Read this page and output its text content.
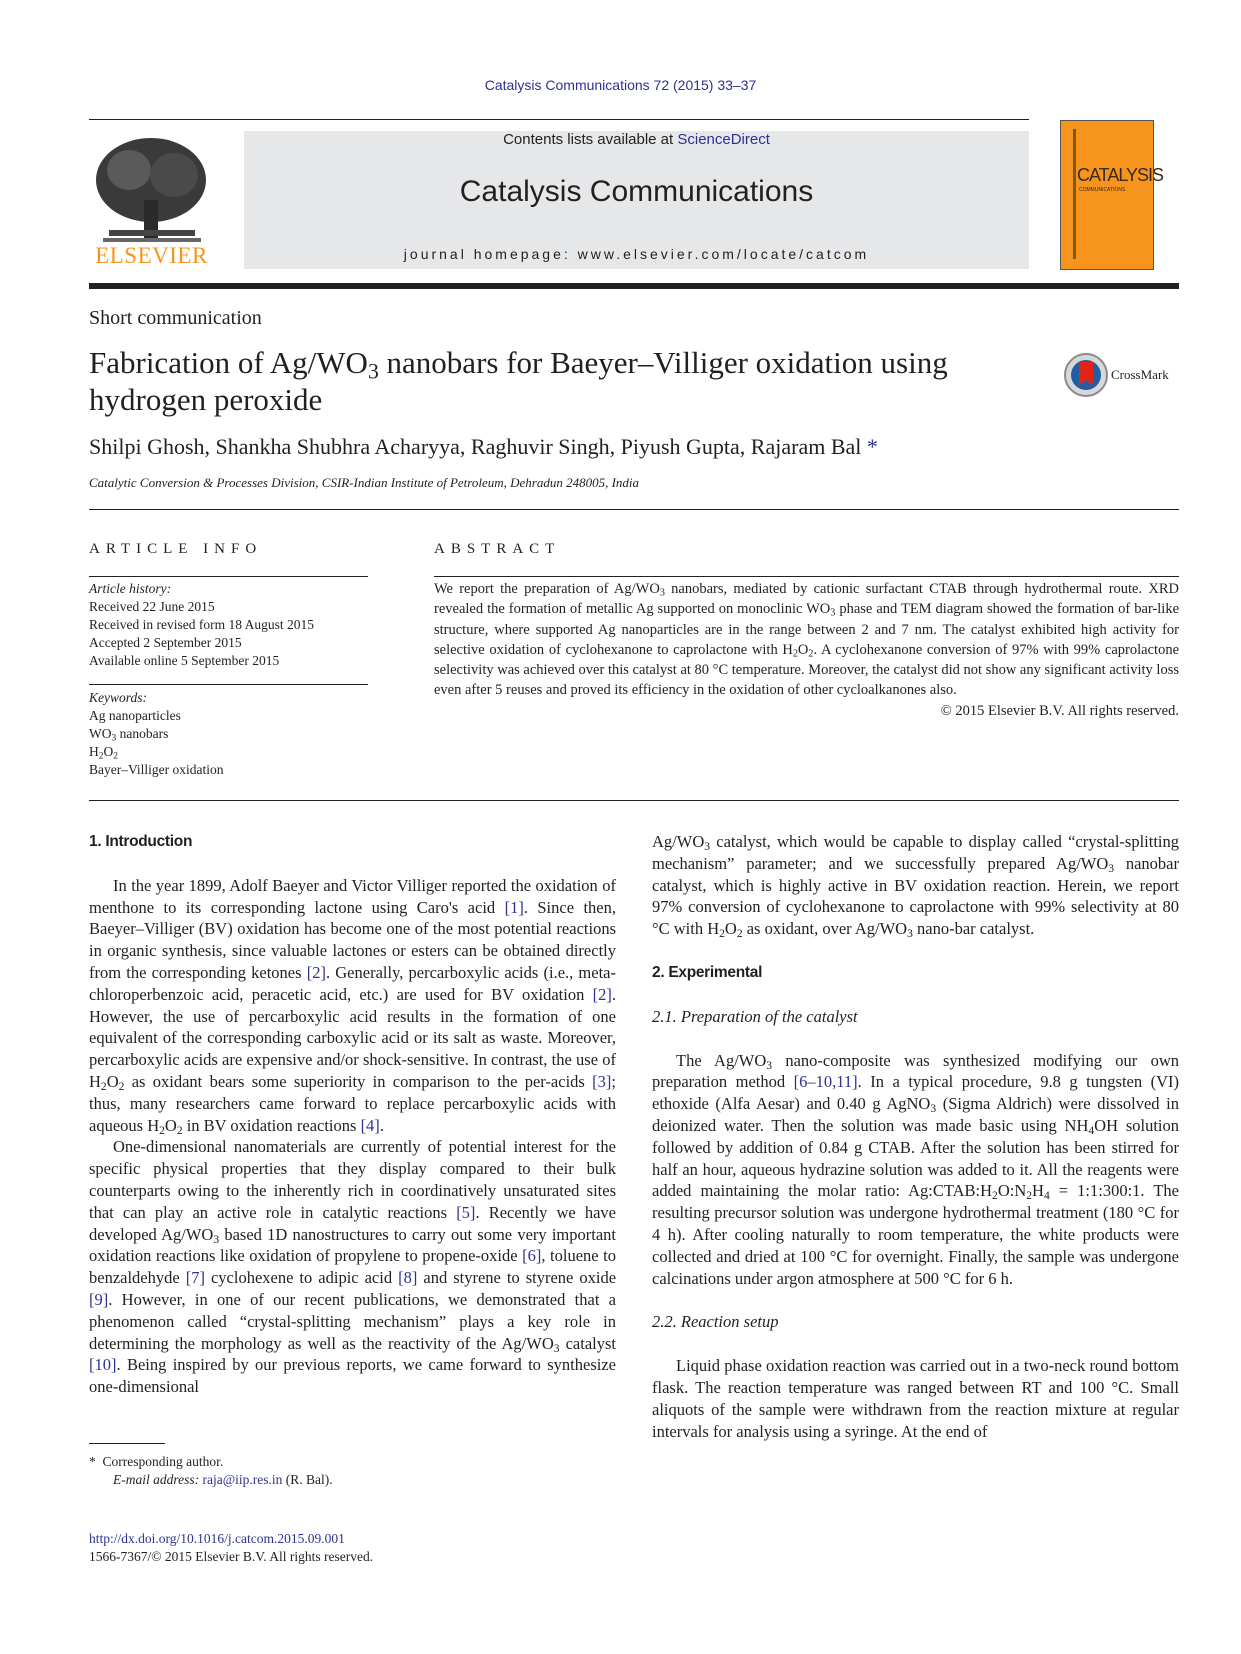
Catalysis Communications 72 (2015) 33–37
ELSEVIER
Contents lists available at ScienceDirect
Catalysis Communications
journal homepage: www.elsevier.com/locate/catcom
CATALYSIS
COMMUNICATIONS
Short communication
Fabrication of $Ag/WO_3$ nanobars for Baeyer–Villiger oxidation using hydrogen peroxide
CrossMark
Shilpi Ghosh, Shankha Shubhra Acharyya, Raghuvir Singh, Piyush Gupta, Rajaram Bal *
Catalytic Conversion & Processes Division, CSIR-Indian Institute of Petroleum, Dehradun 248005, India
ARTICLE INFO
Article history:
Received 22 June 2015
Received in revised form 18 August 2015
Accepted 2 September 2015
Available online 5 September 2015
Keywords:
Ag nanoparticles
$WO_3$ nanobars
$H_2O_2$
Bayer–Villiger oxidation
ABSTRACT
We report the preparation of $Ag/WO_3$ nanobars, mediated by cationic surfactant CTAB through hydrothermal route. XRD revealed the formation of metallic Ag supported on monoclinic $WO_3$ phase and TEM diagram showed the formation of bar-like structure, where supported Ag nanoparticles are in the range between 2 and 7 nm. The catalyst exhibited high activity for selective oxidation of cyclohexanone to caprolactone with $H_2O_2$. A cyclohexanone conversion of 97% with 99% caprolactone selectivity was achieved over this catalyst at 80 °C temperature. Moreover, the catalyst did not show any significant activity loss even after 5 reuses and proved its efficiency in the oxidation of other cycloalkanones also.
© 2015 Elsevier B.V. All rights reserved.
1. Introduction

In the year 1899, Adolf Baeyer and Victor Villiger reported the oxidation of menthone to its corresponding lactone using Caro's acid [1]. Since then, Baeyer–Villiger (BV) oxidation has become one of the most potential reactions in organic synthesis, since valuable lactones or esters can be obtained directly from the corresponding ketones [2]. Generally, percarboxylic acids (i.e., meta-chloroperbenzoic acid, peracetic acid, etc.) are used for BV oxidation [2]. However, the use of percarboxylic acid results in the formation of one equivalent of the corresponding carboxylic acid or its salt as waste. Moreover, percarboxylic acids are expensive and/or shock-sensitive. In contrast, the use of $H_2O_2$ as oxidant bears some superiority in comparison to the per-acids [3]; thus, many researchers came forward to replace percarboxylic acids with aqueous $H_2O_2$ in BV oxidation reactions [4].

One-dimensional nanomaterials are currently of potential interest for the specific physical properties that they display compared to their bulk counterparts owing to the inherently rich in coordinatively unsaturated sites that can play an active role in catalytic reactions [5]. Recently we have developed $Ag/WO_3$ based 1D nanostructures to carry out some very important oxidation reactions like oxidation of propylene to propene-oxide [6], toluene to benzaldehyde [7] cyclohexene to adipic acid [8] and styrene to styrene oxide [9]. However, in one of our recent publications, we demonstrated that a phenomenon called “crystal-splitting mechanism” plays a key role in determining the morphology as well as the reactivity of the $Ag/WO_3$ catalyst [10]. Being inspired by our previous reports, we came forward to synthesize one-dimensional

$Ag/WO_3$ catalyst, which would be capable to display called “crystal-splitting mechanism” parameter; and we successfully prepared $Ag/WO_3$ nanobar catalyst, which is highly active in BV oxidation reaction. Herein, we report 97% conversion of cyclohexanone to caprolactone with 99% selectivity at 80 °C with $H_2O_2$ as oxidant, over $Ag/WO_3$ nano-bar catalyst.
2. Experimental
2.1. Preparation of the catalyst

The $Ag/WO_3$ nano-composite was synthesized modifying our own preparation method [6–10,11]. In a typical procedure, 9.8 g tungsten (VI) ethoxide (Alfa Aesar) and 0.40 g AgNO$_3$ (Sigma Aldrich) were dissolved in deionized water. Then the solution was made basic using $NH_4OH$ solution followed by addition of 0.84 g CTAB. After the solution has been stirred for half an hour, aqueous hydrazine solution was added to it. All the reagents were added maintaining the molar ratio: $Ag:CTAB:H_2O:N_2H_4$ = 1:1:300:1. The resulting precursor solution was undergone hydrothermal treatment (180 °C for 4 h). After cooling naturally to room temperature, the white products were collected and dried at 100 °C for overnight. Finally, the sample was undergone calcinations under argon atmosphere at 500 °C for 6 h.

2.2. Reaction setup

Liquid phase oxidation reaction was carried out in a two-neck round bottom flask. The reaction temperature was ranged between RT and 100 °C. Small aliquots of the sample were withdrawn from the reaction mixture at regular intervals for analysis using a syringe. At the end of

* Corresponding author.
E-mail address: raja@iip.res.in (R. Bal).
http://dx.doi.org/10.1016/j.catcom.2015.09.001
1566-7367/© 2015 Elsevier B.V. All rights reserved.
